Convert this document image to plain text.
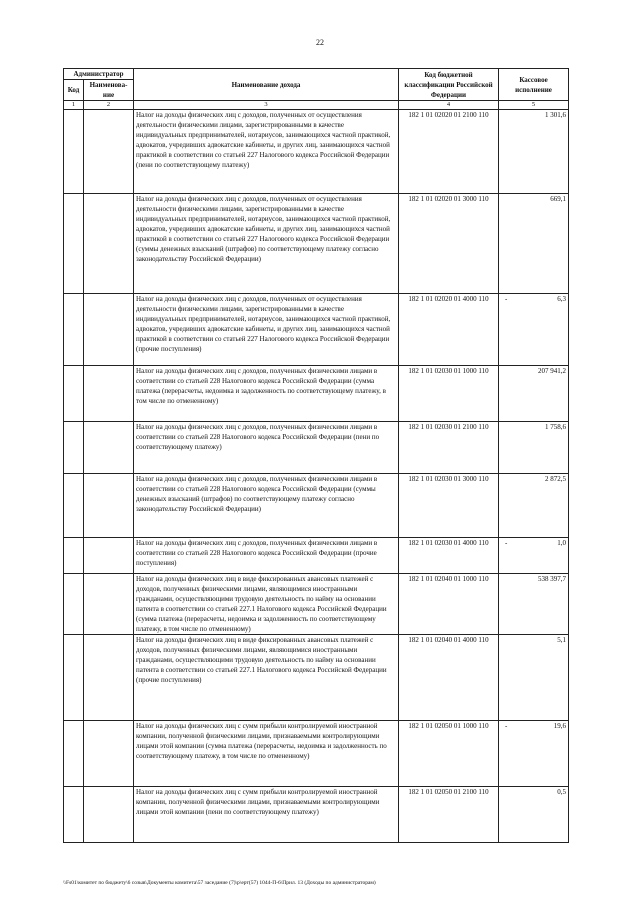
22
Администратор		Наименование дохода	Код бюджетной классификации Российской Федерации	Кассовое исполнение
Код	Наименова-ние			
1	2	3	4	5
		Налог на доходы физических лиц с доходов, полученных от осуществления деятельности физическими лицами, зарегистрированными в качестве индивидуальных предпринимателей, нотариусов, занимающихся частной практикой, адвокатов, учредивших адвокатские кабинеты, и других лиц, занимающихся частной практикой в соответствии со статьей 227 Налогового кодекса Российской Федерации (пени по соответствующему платежу)	182 1 01 02020 01 2100 110	1 301,6
		Налог на доходы физических лиц с доходов, полученных от осуществления деятельности физическими лицами, зарегистрированными в качестве индивидуальных предпринимателей, нотариусов, занимающихся частной практикой, адвокатов, учредивших адвокатские кабинеты, и других лиц, занимающихся частной практикой в соответствии со статьей 227 Налогового кодекса Российской Федерации (суммы денежных взысканий (штрафов) по соответствующему платежу согласно законодательству Российской Федерации)	182 1 01 02020 01 3000 110	669,1
		Налог на доходы физических лиц с доходов, полученных от осуществления деятельности физическими лицами, зарегистрированными в качестве индивидуальных предпринимателей, нотариусов, занимающихся частной практикой, адвокатов, учредивших адвокатские кабинеты, и других лиц, занимающихся частной практикой в соответствии со статьей 227 Налогового кодекса Российской Федерации (прочие поступления)	182 1 01 02020 01 4000 110	- 6,3
		Налог на доходы физических лиц с доходов, полученных физическими лицами в соответствии со статьей 228 Налогового кодекса Российской Федерации (сумма платежа (перерасчеты, недоимка и задолженность по соответствующему платежу, в том числе по отмененному)	182 1 01 02030 01 1000 110	207 941,2
		Налог на доходы физических лиц с доходов, полученных физическими лицами в соответствии со статьей 228 Налогового кодекса Российской Федерации (пени по соответствующему платежу)	182 1 01 02030 01 2100 110	1 758,6
		Налог на доходы физических лиц с доходов, полученных физическими лицами в соответствии со статьей 228 Налогового кодекса Российской Федерации (суммы денежных взысканий (штрафов) по соответствующему платежу согласно законодательству Российской Федерации)	182 1 01 02030 01 3000 110	2 872,5
		Налог на доходы физических лиц с доходов, полученных физическими лицами в соответствии со статьей 228 Налогового кодекса Российской Федерации (прочие поступления)	182 1 01 02030 01 4000 110	- 1,0
		Налог на доходы физических лиц в виде фиксированных авансовых платежей с доходов, полученных физическими лицами, являющимися иностранными гражданами, осуществляющими трудовую деятельность по найму на основании патента в соответствии со статьей 227.1 Налогового кодекса Российской Федерации (сумма платежа (перерасчеты, недоимка и задолженность по соответствующему платежу, в том числе по отмененному)	182 1 01 02040 01 1000 110	538 397,7
		Налог на доходы физических лиц в виде фиксированных авансовых платежей с доходов, полученных физическими лицами, являющимися иностранными гражданами, осуществляющими трудовую деятельность по найму на основании патента в соответствии со статьей 227.1 Налогового кодекса Российской Федерации (прочие поступления)	182 1 01 02040 01 4000 110	5,1
		Налог на доходы физических лиц с сумм прибыли контролируемой иностранной компании, полученной физическими лицами, признаваемыми контролирующими лицами этой компании (сумма платежа (перерасчеты, недоимка и задолженность по соответствующему платежу, в том числе по отмененному)	182 1 01 02050 01 1000 110	- 19,6
		Налог на доходы физических лиц с сумм прибыли контролируемой иностранной компании, полученной физическими лицами, признаваемыми контролирующими лицами этой компании (пени по соответствующему платежу)	182 1 01 02050 01 2100 110	0,5
\\Fs01\комитет по бюджету\6 созыв\Документы комитета\57 заседание (7)\р\ерт(57) 1044-П-6\Прил. 13 (Доходы по администраторам)
